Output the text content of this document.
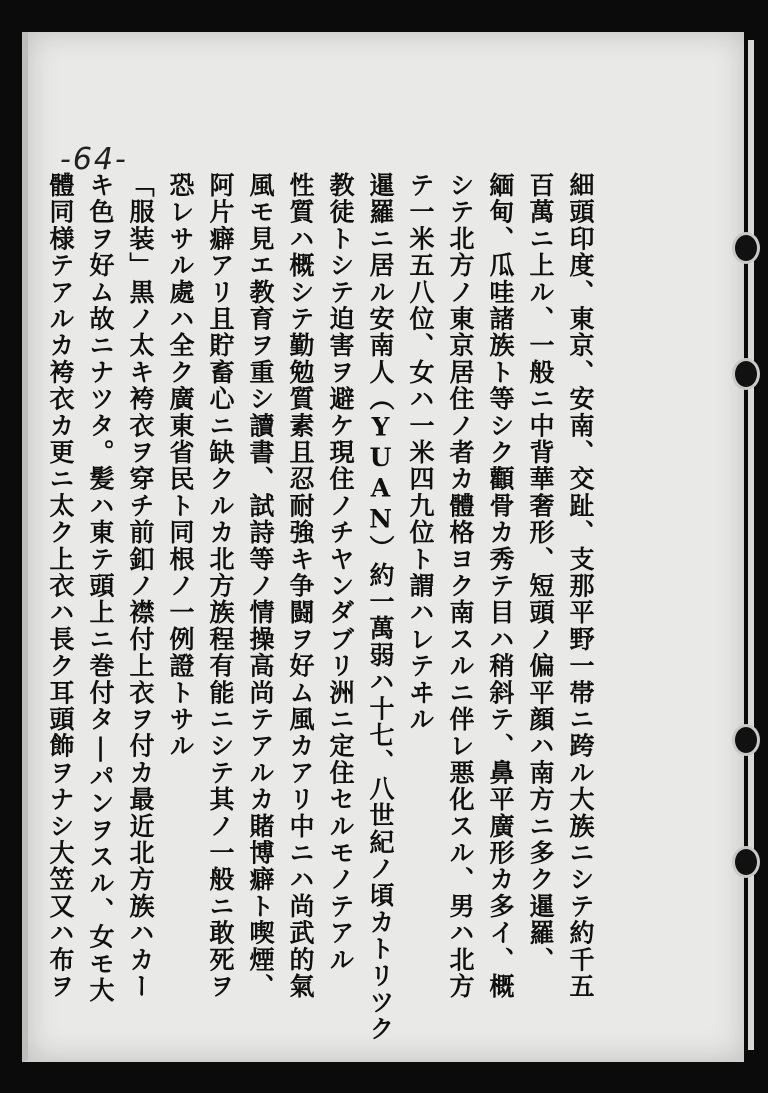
-64-

細頭印度、東京、安南、交趾、支那平野一帯ニ跨ル大族ニシテ約千五

百萬ニ上ル、一般ニ中背華奢形、短頭ノ偏平顔ハ南方ニ多ク暹羅、

緬甸、瓜哇諸族ト等シク顴骨カ秀テ目ハ稍斜テ、鼻平廣形カ多イ、概

シテ北方ノ東京居住ノ者カ體格ヨク南スルニ伴レ悪化スル、男ハ北方

テ一米五八位、女ハ一米四九位ト謂ハレテヰル

暹羅ニ居ル安南人（YUAN）約一萬弱ハ十七、八世紀ノ頃カトリツク

教徒トシテ迫害ヲ避ケ現住ノチヤンダブリ洲ニ定住セルモノテアル

性質ハ概シテ勤勉質素且忍耐強キ争闘ヲ好ム風カアリ中ニハ尚武的氣

風モ見エ教育ヲ重シ讀書、試詩等ノ情操高尚テアルカ賭博癖ト喫煙、

阿片癖アリ且貯畜心ニ缺クルカ北方族程有能ニシテ其ノ一般ニ敢死ヲ

恐レサル處ハ全ク廣東省民ト同根ノ一例證トサル

「服装」黒ノ太キ袴衣ヲ穿チ前釦ノ襟付上衣ヲ付カ最近北方族ハカー

キ色ヲ好ム故ニナツタ。髪ハ東テ頭上ニ巻付タ|パンヲスル、女モ大

體同様テアルカ袴衣カ更ニ太ク上衣ハ長ク耳頭飾ヲナシ大笠又ハ布ヲ
